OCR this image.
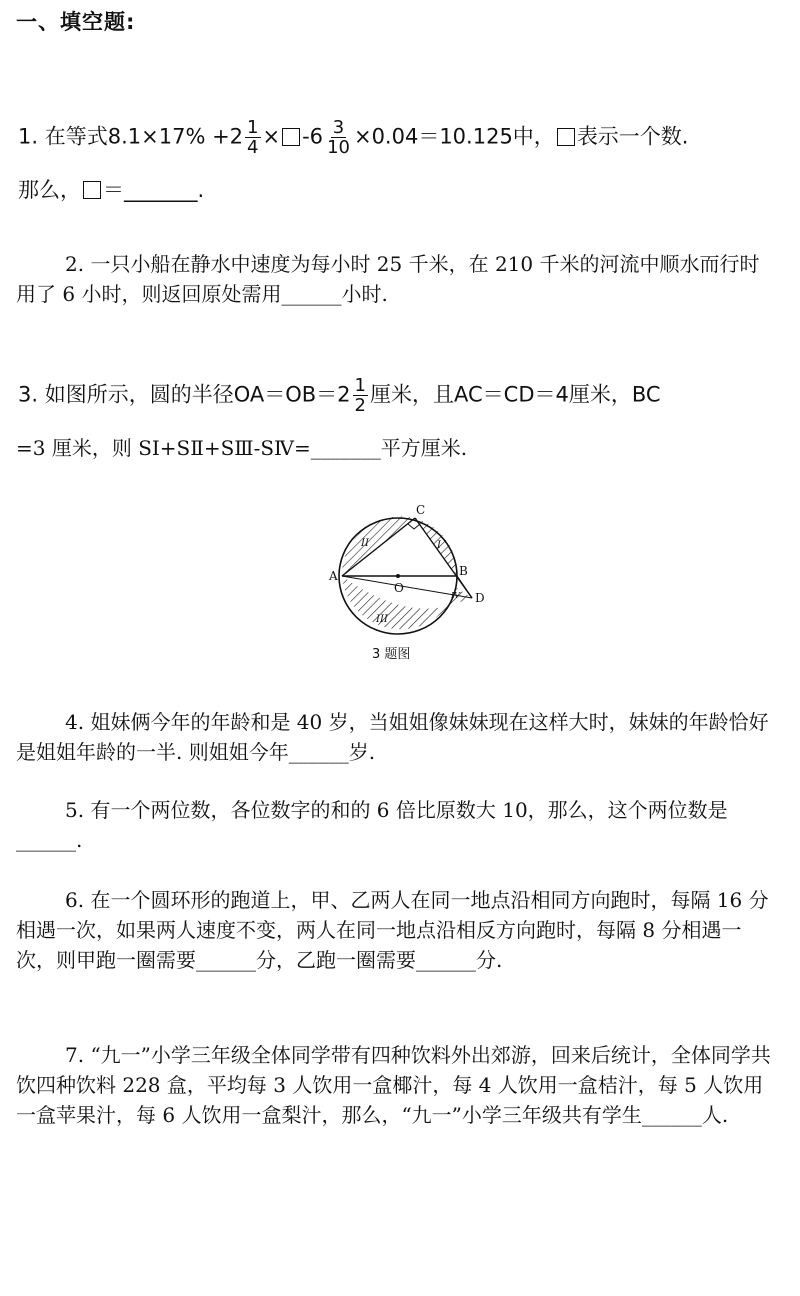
一、填空题:
1. 在等式$8.1\times 17\% +2 \frac{1}{4} \times -6 \frac{3}{10} \times 0.04=10.125$中， 表示一个数.
那么， ＝_______.
2. 一只小船在静水中速度为每小时 25 千米，在 210 千米的河流中顺水而行时用了 6 小时，则返回原处需用______小时.
3. 如图所示，圆的半径$OA=OB=2 \frac{1}{2}$ 厘米，且AC＝CD＝4厘米，BC
=3 厘米，则 SⅠ+SⅡ+SⅢ-SⅣ=_______平方厘米.
A	B
C
D
O
I
II
III
IV
3 题图
4. 姐妹俩今年的年龄和是 40 岁，当姐姐像妹妹现在这样大时，妹妹的年龄恰好是姐姐年龄的一半. 则姐姐今年______岁.
5. 有一个两位数，各位数字的和的 6 倍比原数大 10，那么，这个两位数是______.
6. 在一个圆环形的跑道上，甲、乙两人在同一地点沿相同方向跑时，每隔 16 分相遇一次，如果两人速度不变，两人在同一地点沿相反方向跑时，每隔 8 分相遇一次，则甲跑一圈需要______分，乙跑一圈需要______分.
7. “九一”小学三年级全体同学带有四种饮料外出郊游，回来后统计，全体同学共饮四种饮料 228 盒，平均每 3 人饮用一盒椰汁，每 4 人饮用一盒桔汁，每 5 人饮用一盒苹果汁，每 6 人饮用一盒梨汁，那么，“九一”小学三年级共有学生______人.
